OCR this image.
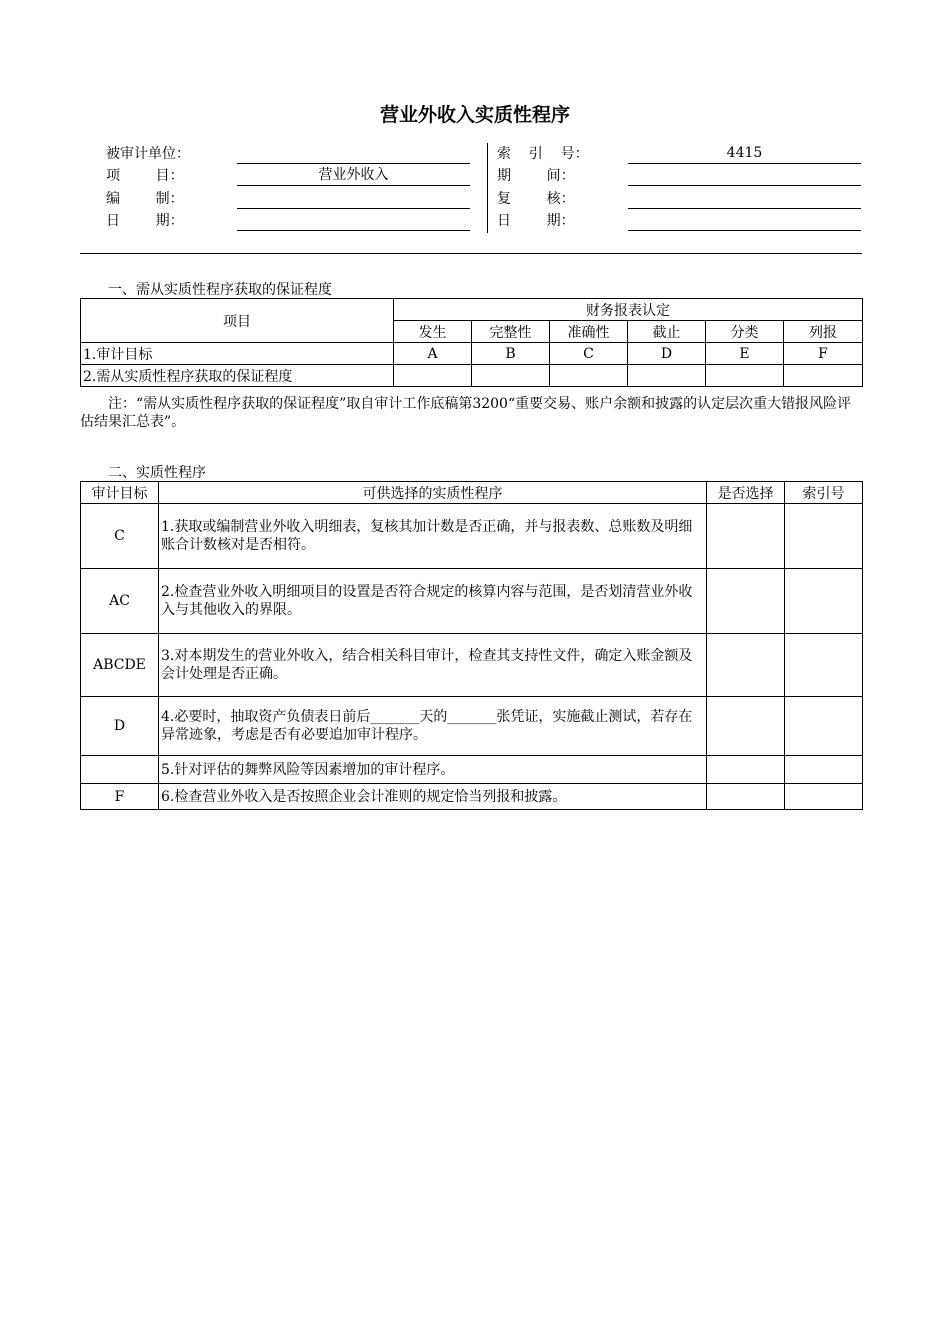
营业外收入实质性程序
被审计单位：
项        目：	营业外收入
编        制：
日        期：
索    引    号：	4415
期        间：
复        核：
日        期：
一、需从实质性程序获取的保证程度
项目	财务报表认定					
	发生	完整性	准确性	截止	分类	列报
1.审计目标	A	B	C	D	E	F
2.需从实质性程序获取的保证程度						
注：“需从实质性程序获取的保证程度”取自审计工作底稿第3200“重要交易、账户余额和披露的认定层次重大错报风险评估结果汇总表”。
二、实质性程序
审计目标	可供选择的实质性程序	是否选择	索引号
C	1.获取或编制营业外收入明细表，复核其加计数是否正确，并与报表数、总账数及明细账合计数核对是否相符。		
AC	2.检查营业外收入明细项目的设置是否符合规定的核算内容与范围，是否划清营业外收入与其他收入的界限。		
ABCDE	3.对本期发生的营业外收入，结合相关科目审计，检查其支持性文件，确定入账金额及会计处理是否正确。		
D	4.必要时，抽取资产负债表日前后_______天的_______张凭证，实施截止测试，若存在异常迹象，考虑是否有必要追加审计程序。		
	5.针对评估的舞弊风险等因素增加的审计程序。		
F	6.检查营业外收入是否按照企业会计准则的规定恰当列报和披露。		
